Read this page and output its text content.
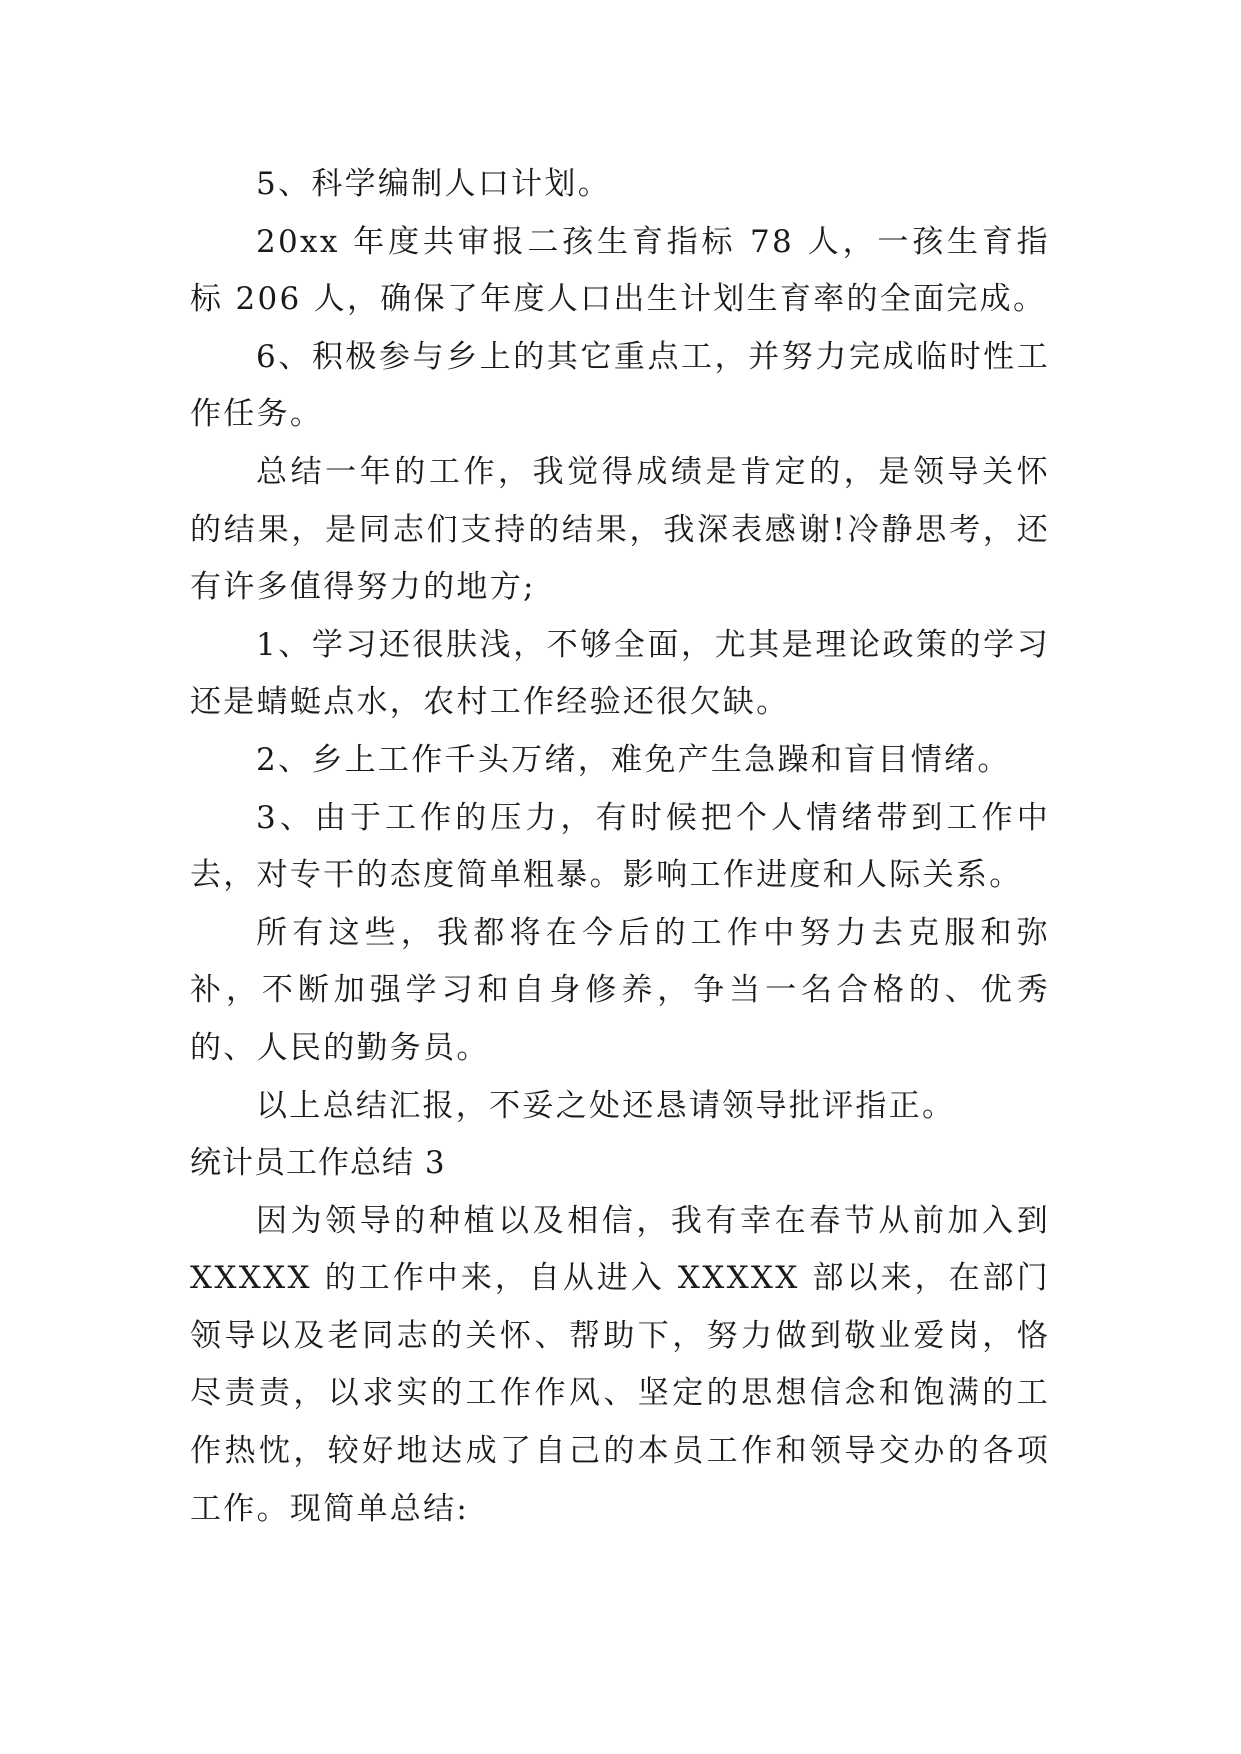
5、科学编制人口计划。

20xx 年度共审报二孩生育指标 78 人，一孩生育指标 206 人，确保了年度人口出生计划生育率的全面完成。

6、积极参与乡上的其它重点工，并努力完成临时性工作任务。

总结一年的工作，我觉得成绩是肯定的，是领导关怀的结果，是同志们支持的结果，我深表感谢!冷静思考，还有许多值得努力的地方;

1、学习还很肤浅，不够全面，尤其是理论政策的学习还是蜻蜓点水，农村工作经验还很欠缺。

2、乡上工作千头万绪，难免产生急躁和盲目情绪。

3、由于工作的压力，有时候把个人情绪带到工作中去，对专干的态度简单粗暴。影响工作进度和人际关系。

所有这些，我都将在今后的工作中努力去克服和弥补，不断加强学习和自身修养，争当一名合格的、优秀的、人民的勤务员。

以上总结汇报，不妥之处还恳请领导批评指正。

统计员工作总结 3

因为领导的种植以及相信，我有幸在春节从前加入到 XXXXX 的工作中来，自从进入 XXXXX 部以来，在部门领导以及老同志的关怀、帮助下，努力做到敬业爱岗，恪尽责责，以求实的工作作风、坚定的思想信念和饱满的工作热忱，较好地达成了自己的本员工作和领导交办的各项工作。现简单总结:
